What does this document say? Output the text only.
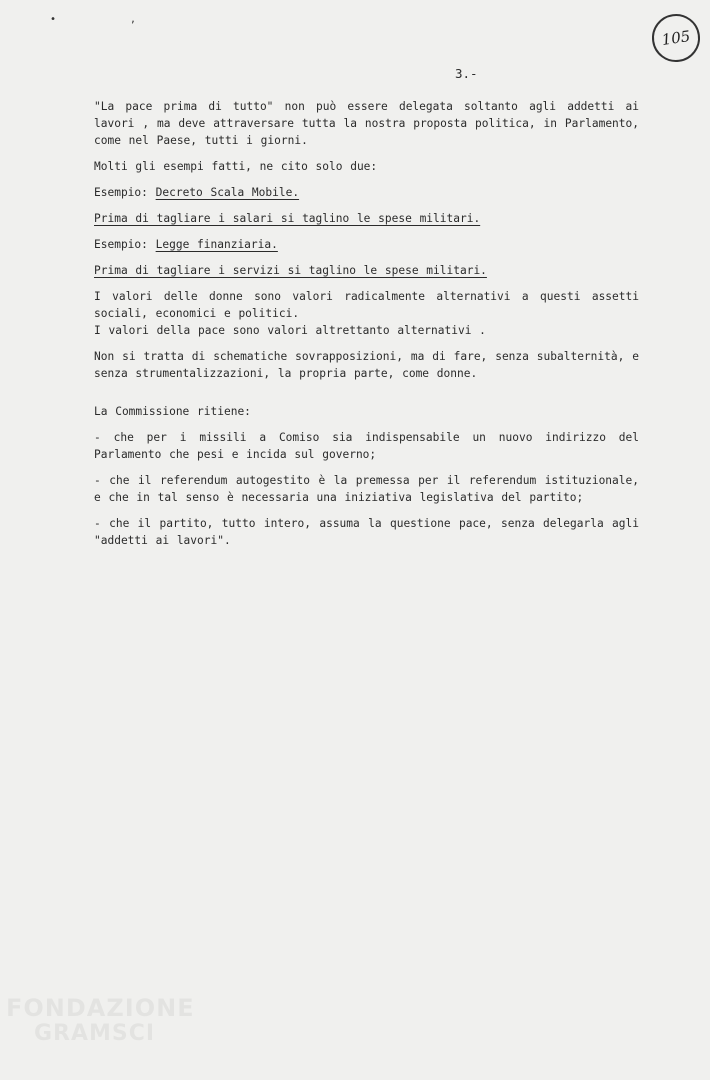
• ,
105
3.-

"La pace prima di tutto" non può essere delegata soltanto agli addetti ai lavori , ma deve attraversare tutta la nostra proposta politica, in Parlamento, come nel Paese, tutti i giorni.

Molti gli esempi fatti, ne cito solo due:

Esempio: Decreto Scala Mobile.

Prima di tagliare i salari si taglino le spese militari.

Esempio: Legge finanziaria.

Prima di tagliare i servizi si taglino le spese militari.

I valori delle donne sono valori radicalmente alternativi a questi assetti sociali, economici e politici.

I valori della pace sono valori altrettanto alternativi .

Non si tratta di schematiche sovrapposizioni, ma di fare, senza subalternità, e senza strumentalizzazioni, la propria parte, come donne.

La Commissione ritiene:

- che per i missili a Comiso sia indispensabile un nuovo indirizzo del Parlamento che pesi e incida sul governo;

- che il referendum autogestito è la premessa per il referendum istituzionale, e che in tal senso è necessaria una iniziativa legislativa del partito;

- che il partito, tutto intero, assuma la questione pace, senza delegarla agli "addetti ai lavori".

FONDAZIONE
GRAMSCI
